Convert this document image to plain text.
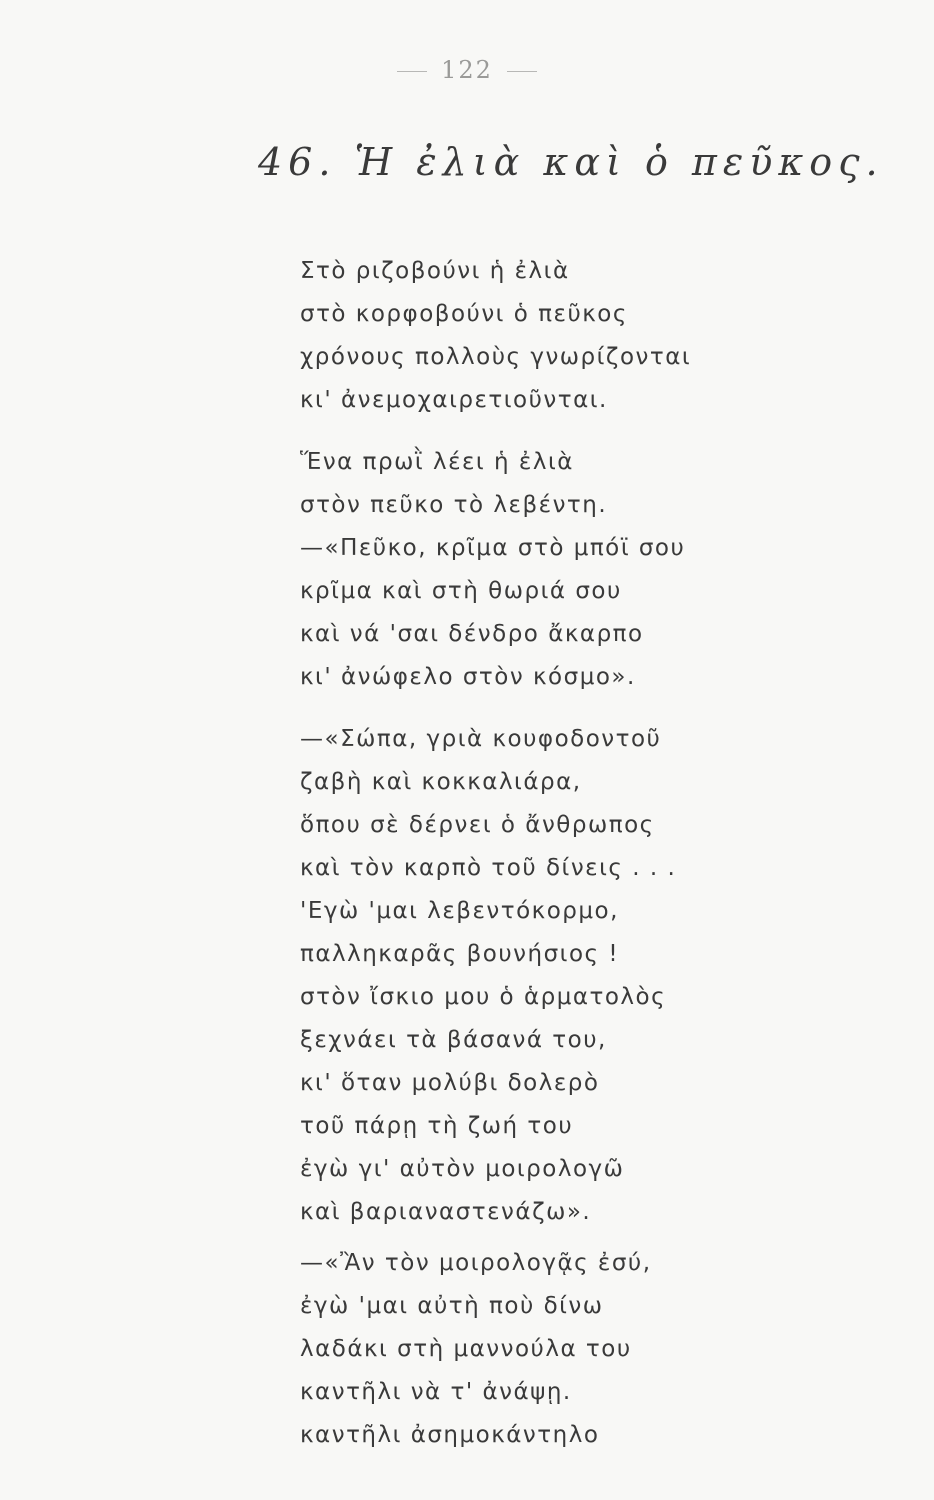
122
46. Ἡ ἐλιὰ καὶ ὁ πεῦκος.
Στὸ ριζοβούνι ἡ ἐλιὰ
στὸ κορφοβούνι ὁ πεῦκος
χρόνους πολλοὺς γνωρίζονται
κι' ἀνεμοχαιρετιοῦνται.
Ἕνα πρωῒ λέει ἡ ἐλιὰ
στὸν πεῦκο τὸ λεβέντη.
—«Πεῦκο, κρῖμα στὸ μπόϊ σου
κρῖμα καὶ στὴ θωριά σου
καὶ νά 'σαι δένδρο ἄκαρπο
κι' ἀνώφελο στὸν κόσμο».
—«Σώπα, γριὰ κουφοδοντοῦ
ζαβὴ καὶ κοκκαλιάρα,
ὅπου σὲ δέρνει ὁ ἄνθρωπος
καὶ τὸν καρπὸ τοῦ δίνεις . . .
'Εγὼ 'μαι λεβεντόκορμο,
παλληκαρᾶς βουνήσιος !
στὸν ἴσκιο μου ὁ ἁρματολὸς
ξεχνάει τὰ βάσανά του,
κι' ὅταν μολύβι δολερὸ
τοῦ πάρῃ τὴ ζωή του
ἐγὼ γι' αὐτὸν μοιρολογῶ
καὶ βαριαναστενάζω».
—«Ἂν τὸν μοιρολογᾷς ἐσύ,
ἐγὼ 'μαι αὐτὴ ποὺ δίνω
λαδάκι στὴ μαννούλα του
καντῆλι νὰ τ' ἀνάψῃ.
καντῆλι ἀσημοκάντηλο
